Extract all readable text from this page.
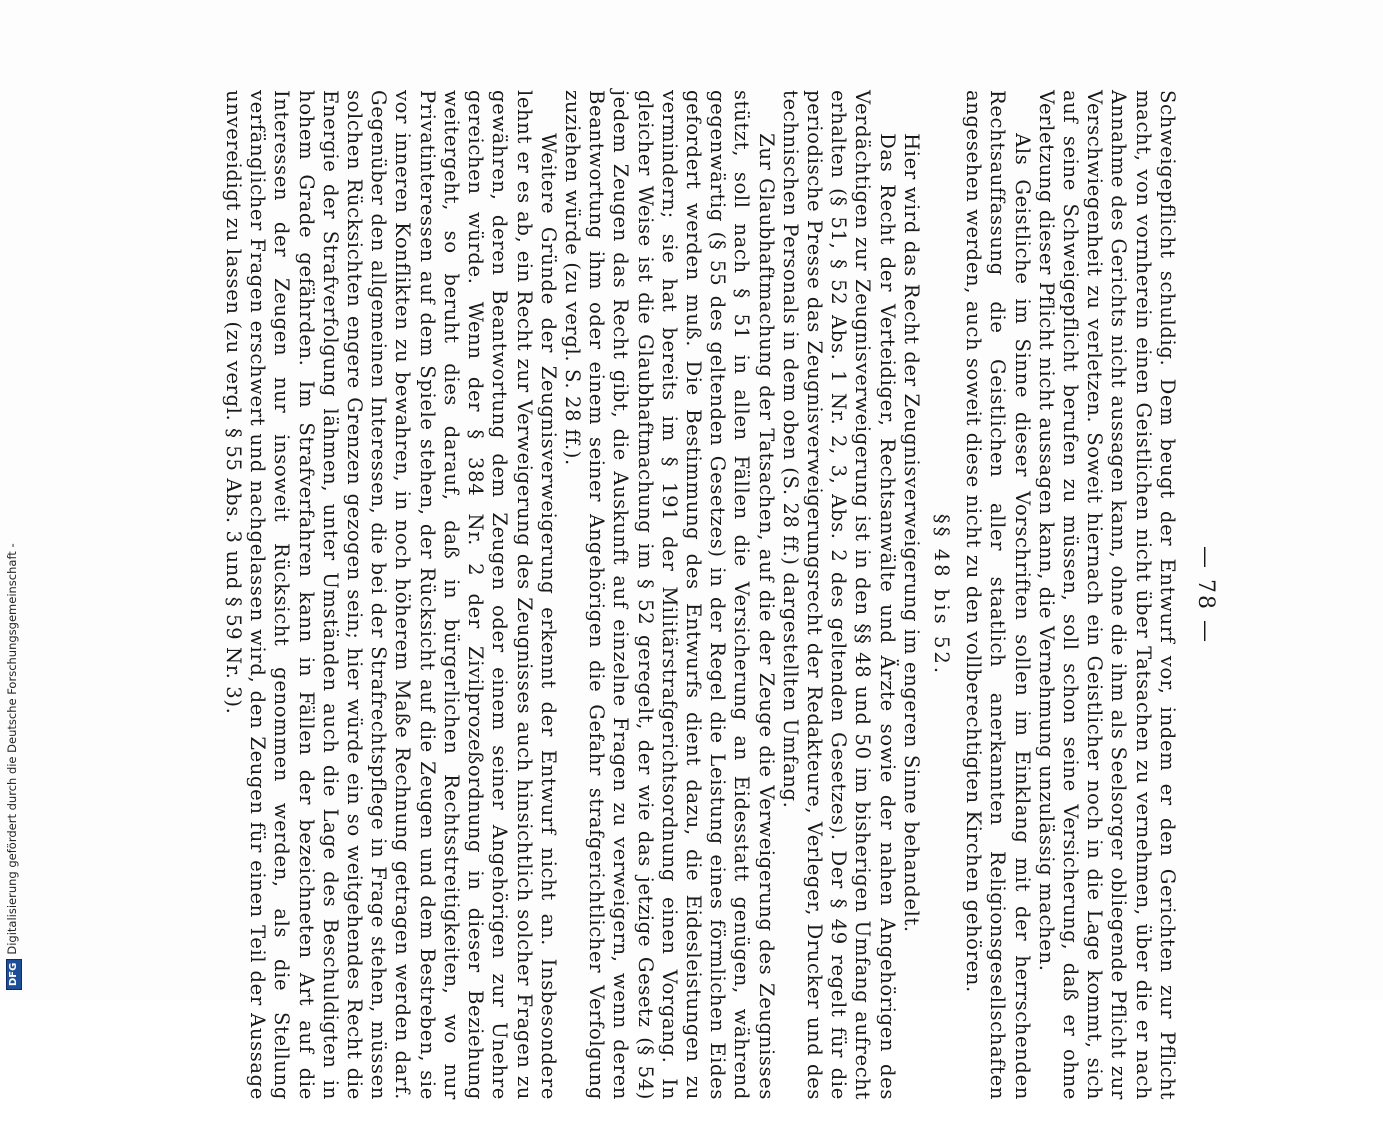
— 78 —

Schweigepflicht schuldig. Dem beugt der Entwurf vor, indem er den Gerichten zur Pflicht macht, von vornherein einen Geistlichen nicht über Tatsachen zu vernehmen, über die er nach Annahme des Gerichts nicht aussagen kann, ohne die ihm als Seelsorger obliegende Pflicht zur Verschwiegenheit zu verletzen. Soweit hiernach ein Geistlicher noch in die Lage kommt, sich auf seine Schweigepflicht berufen zu müssen, soll schon seine Versicherung, daß er ohne Verletzung dieser Pflicht nicht aussagen kann, die Vernehmung unzulässig machen.

Als Geistliche im Sinne dieser Vorschriften sollen im Einklang mit der herrschenden Rechtsauffassung die Geistlichen aller staatlich anerkannten Religionsgesellschaften angesehen werden, auch soweit diese nicht zu den vollberechtigten Kirchen gehören.

§§ 48 bis 52.

Hier wird das Recht der Zeugnisverweigerung im engeren Sinne behandelt.

Das Recht der Verteidiger, Rechtsanwälte und Ärzte sowie der nahen Angehörigen des Verdächtigen zur Zeugnisverweigerung ist in den §§ 48 und 50 im bisherigen Umfang aufrecht erhalten (§ 51, § 52 Abs. 1 Nr. 2, 3, Abs. 2 des geltenden Gesetzes). Der § 49 regelt für die periodische Presse das Zeugnisverweigerungsrecht der Redakteure, Verleger, Drucker und des technischen Personals in dem oben (S. 28 ff.) dargestellten Umfang.

Zur Glaubhaftmachung der Tatsachen, auf die der Zeuge die Verweigerung des Zeugnisses stützt, soll nach § 51 in allen Fällen die Versicherung an Eidesstatt genügen, während gegenwärtig (§ 55 des geltenden Gesetzes) in der Regel die Leistung eines förmlichen Eides gefordert werden muß. Die Bestimmung des Entwurfs dient dazu, die Eidesleistungen zu vermindern; sie hat bereits im § 191 der Militärstrafgerichtsordnung einen Vorgang. In gleicher Weise ist die Glaubhaftmachung im § 52 geregelt, der wie das jetzige Gesetz (§ 54) jedem Zeugen das Recht gibt, die Auskunft auf einzelne Fragen zu verweigern, wenn deren Beantwortung ihm oder einem seiner Angehörigen die Gefahr strafgerichtlicher Verfolgung zuziehen würde (zu vergl. S. 28 ff.).

Weitere Gründe der Zeugnisverweigerung erkennt der Entwurf nicht an. Insbesondere lehnt er es ab, ein Recht zur Verweigerung des Zeugnisses auch hinsichtlich solcher Fragen zu gewähren, deren Beantwortung dem Zeugen oder einem seiner Angehörigen zur Unehre gereichen würde. Wenn der § 384 Nr. 2 der Zivilprozeßordnung in dieser Beziehung weitergeht, so beruht dies darauf, daß in bürgerlichen Rechtsstreitigkeiten, wo nur Privatinteressen auf dem Spiele stehen, der Rücksicht auf die Zeugen und dem Bestreben, sie vor inneren Konflikten zu bewahren, in noch höherem Maße Rechnung getragen werden darf. Gegenüber den allgemeinen Interessen, die bei der Strafrechtspflege in Frage stehen, müssen solchen Rücksichten engere Grenzen gezogen sein; hier würde ein so weitgehendes Recht die Energie der Strafverfolgung lähmen, unter Umständen auch die Lage des Beschuldigten in hohem Grade gefährden. Im Strafverfahren kann in Fällen der bezeichneten Art auf die Interessen der Zeugen nur insoweit Rücksicht genommen werden, als die Stellung verfänglicher Fragen erschwert und nachgelassen wird, den Zeugen für einen Teil der Aussage unvereidigt zu lassen (zu vergl. § 55 Abs. 3 und § 59 Nr. 3).

DFGDigitalisierung gefördert durch die Deutsche Forschungsgemeinschaft -
